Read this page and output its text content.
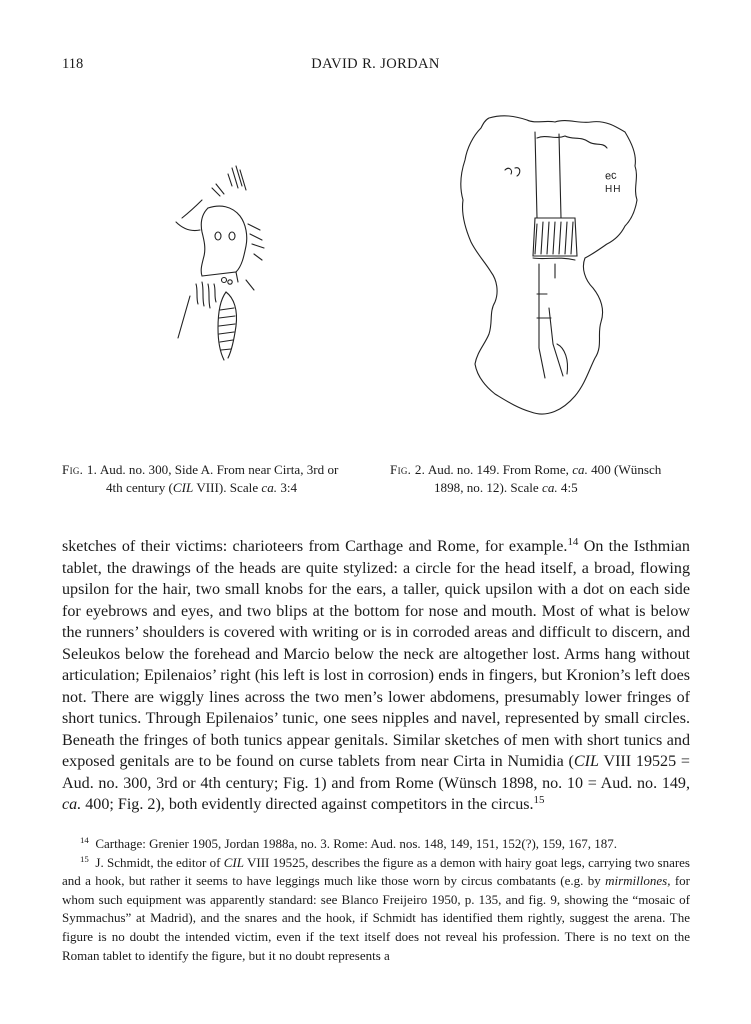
118	DAVID R. JORDAN
ec
HH
Fig. 1. Aud. no. 300, Side A. From near Cirta, 3rd or
4th century (CIL VIII). Scale ca. 3:4
Fig. 2. Aud. no. 149. From Rome, ca. 400 (Wünsch
1898, no. 12). Scale ca. 4:5
sketches of their victims: charioteers from Carthage and Rome, for example.$^{14}$ On the Isthmian tablet, the drawings of the heads are quite stylized: a circle for the head itself, a broad, flowing upsilon for the hair, two small knobs for the ears, a taller, quick upsilon with a dot on each side for eyebrows and eyes, and two blips at the bottom for nose and mouth. Most of what is below the runners’ shoulders is covered with writing or is in corroded areas and difficult to discern, and Seleukos below the forehead and Marcio below the neck are altogether lost. Arms hang without articulation; Epilenaios’ right (his left is lost in corrosion) ends in fingers, but Kronion’s left does not. There are wiggly lines across the two men’s lower abdomens, presumably lower fringes of short tunics. Through Epilenaios’ tunic, one sees nipples and navel, represented by small circles. Beneath the fringes of both tunics appear genitals. Similar sketches of men with short tunics and exposed genitals are to be found on curse tablets from near Cirta in Numidia (CIL VIII 19525 = Aud. no. 300, 3rd or 4th century; Fig. 1) and from Rome (Wünsch 1898, no. 10 = Aud. no. 149, ca. 400; Fig. 2), both evidently directed against competitors in the circus.$^{15}$

$^{14}$ Carthage: Grenier 1905, Jordan 1988a, no. 3. Rome: Aud. nos. 148, 149, 151, 152(?), 159, 167, 187.

$^{15}$ J. Schmidt, the editor of CIL VIII 19525, describes the figure as a demon with hairy goat legs, carrying two snares and a hook, but rather it seems to have leggings much like those worn by circus combatants (e.g. by mirmillones, for whom such equipment was apparently standard: see Blanco Freijeiro 1950, p. 135, and fig. 9, showing the “mosaic of Symmachus” at Madrid), and the snares and the hook, if Schmidt has identified them rightly, suggest the arena. The figure is no doubt the intended victim, even if the text itself does not reveal his profession. There is no text on the Roman tablet to identify the figure, but it no doubt represents a
